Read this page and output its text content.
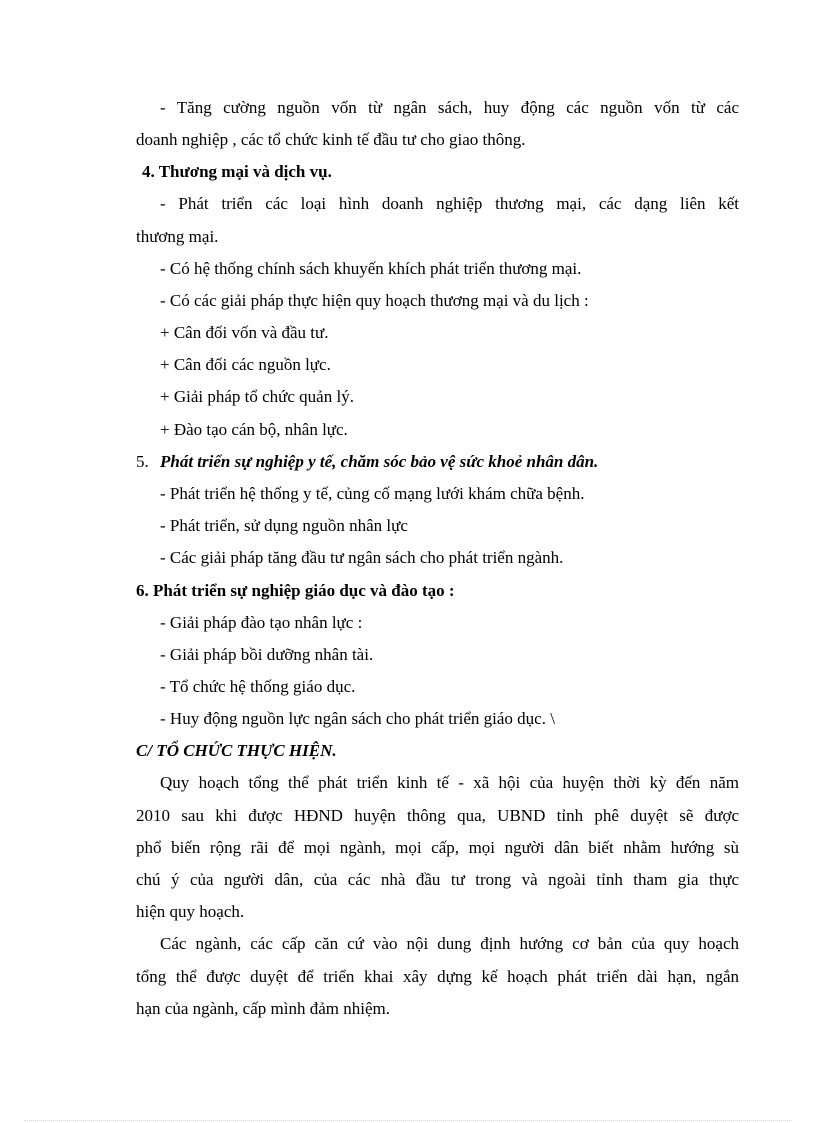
- Tăng cường nguồn vốn từ ngân sách, huy động các nguồn vốn từ các
doanh nghiệp , các tổ chức kinh tế đầu tư cho giao thông.
4. Thương mại và dịch vụ.
- Phát triển các loại hình doanh nghiệp thương mại, các dạng liên kết
thương mại.
- Có hệ thống chính sách khuyến khích phát triển thương mại.
- Có các giải pháp thực hiện quy hoạch thương mại và du lịch :
+ Cân đối vốn và đầu tư.
+ Cân đối các nguồn lực.
+ Giải pháp tổ chức quản lý.
+ Đào tạo cán bộ, nhân lực.
5. Phát triển sự nghiệp y tế, chăm sóc bảo vệ sức khoẻ nhân dân.
- Phát triển hệ thống y tế, củng cố mạng lưới khám chữa bệnh.
- Phát triển, sử dụng nguồn nhân lực
- Các giải pháp tăng đầu tư ngân sách cho phát triển ngành.
6. Phát triển sự nghiệp giáo dục và đào tạo :
- Giải pháp đào tạo nhân lực :
- Giải pháp bồi dưỡng nhân tài.
- Tổ chức hệ thống giáo dục.
- Huy động nguồn lực ngân sách cho phát triển giáo dục. \
C/ TỔ CHỨC THỰC HIỆN.
Quy hoạch tổng thể phát triển kinh tế - xã hội của huyện thời kỳ đến năm
2010 sau khi được HĐND huyện thông qua, UBND tỉnh phê duyệt sẽ được
phổ biến rộng rãi để mọi ngành, mọi cấp, mọi người dân biết nhằm hướng sù
chú ý của người dân, của các nhà đầu tư trong và ngoài tỉnh tham gia thực
hiện quy hoạch.
Các ngành, các cấp căn cứ vào nội dung định hướng cơ bản của quy hoạch
tổng thể được duyệt để triển khai xây dựng kế hoạch phát triển dài hạn, ngắn
hạn của ngành, cấp mình đảm nhiệm.
